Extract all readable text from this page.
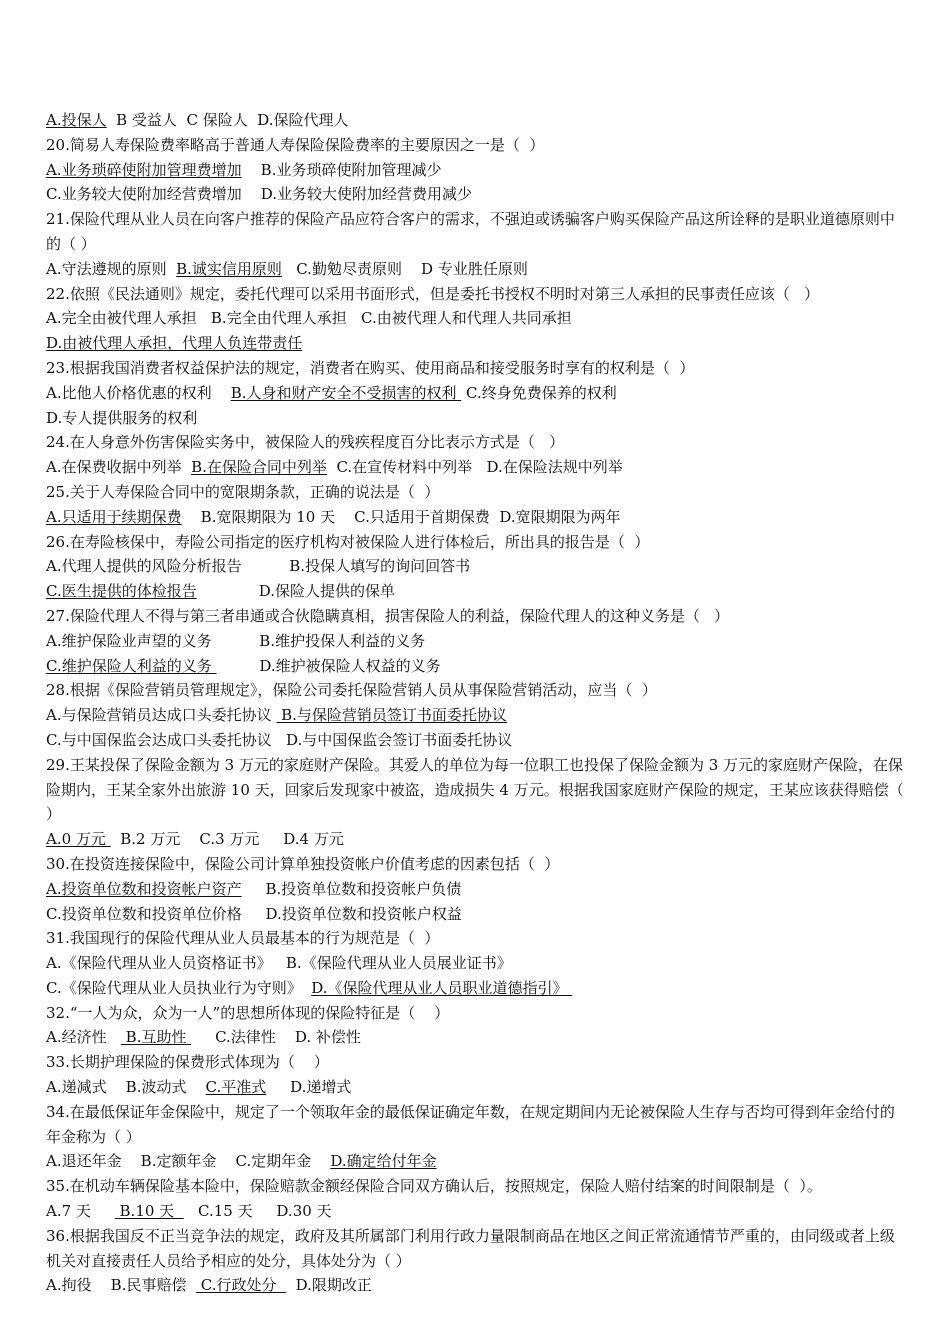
A.投保人  B 受益人  C 保险人  D.保险代理人
20.简易人寿保险费率略高于普通人寿保险保险费率的主要原因之一是（  ）
A.业务琐碎使附加管理费增加    B.业务琐碎使附加管理减少
C.业务较大使附加经营费增加    D.业务较大使附加经营费用减少
21.保险代理从业人员在向客户推荐的保险产品应符合客户的需求，不强迫或诱骗客户购买保险产品这所诠释的是职业道德原则中的（ ）
A.守法遵规的原则  B.诚实信用原则   C.勤勉尽责原则    D 专业胜任原则
22.依照《民法通则》规定，委托代理可以采用书面形式，但是委托书授权不明时对第三人承担的民事责任应该（   ）
A.完全由被代理人承担   B.完全由代理人承担   C.由被代理人和代理人共同承担
D.由被代理人承担，代理人负连带责任
23.根据我国消费者权益保护法的规定，消费者在购买、使用商品和接受服务时享有的权利是（  ）
A.比他人价格优惠的权利    B.人身和财产安全不受损害的权利  C.终身免费保养的权利
D.专人提供服务的权利
24.在人身意外伤害保险实务中，被保险人的残疾程度百分比表示方式是（   ）
A.在保费收据中列举  B.在保险合同中列举  C.在宣传材料中列举   D.在保险法规中列举
25.关于人寿保险合同中的宽限期条款，正确的说法是（  ）
A.只适用于续期保费    B.宽限期限为 10 天    C.只适用于首期保费  D.宽限期限为两年
26.在寿险核保中，寿险公司指定的医疗机构对被保险人进行体检后，所出具的报告是（  ）
A.代理人提供的风险分析报告          B.投保人填写的询问回答书
C.医生提供的体检报告             D.保险人提供的保单
27.保险代理人不得与第三者串通或合伙隐瞒真相，损害保险人的利益，保险代理人的这种义务是（   ）
A.维护保险业声望的义务          B.维护投保人利益的义务
C.维护保险人利益的义务          D.维护被保险人权益的义务
28.根据《保险营销员管理规定》，保险公司委托保险营销人员从事保险营销活动，应当（  ）
A.与保险营销员达成口头委托协议  B.与保险营销员签订书面委托协议
C.与中国保监会达成口头委托协议   D.与中国保监会签订书面委托协议
29.王某投保了保险金额为 3 万元的家庭财产保险。其爱人的单位为每一位职工也投保了保险金额为 3 万元的家庭财产保险，在保险期内，王某全家外出旅游 10 天，回家后发现家中被盗，造成损失 4 万元。根据我国家庭财产保险的规定，王某应该获得赔偿（ ）
A.0 万元   B.2 万元    C.3 万元     D.4 万元
30.在投资连接保险中，保险公司计算单独投资帐户价值考虑的因素包括（  ）
A.投资单位数和投资帐户资产     B.投资单位数和投资帐户负债
C.投资单位数和投资单位价格     D.投资单位数和投资帐户权益
31.我国现行的保险代理从业人员最基本的行为规范是（  ）
A.《保险代理从业人员资格证书》   B.《保险代理从业人员展业证书》
C.《保险代理从业人员执业行为守则》  D.《保险代理从业人员职业道德指引》
32.“一人为众，众为一人”的思想所体现的保险特征是（    ）
A.经济性    B.互助性      C.法律性    D. 补偿性
33.长期护理保险的保费形式体现为（    ）
A.递减式    B.波动式    C.平准式     D.递增式
34.在最低保证年金保险中，规定了一个领取年金的最低保证确定年数，在规定期间内无论被保险人生存与否均可得到年金给付的年金称为（ ）
A.退还年金    B.定额年金    C.定期年金    D.确定给付年金
35.在机动车辆保险基本险中，保险赔款金额经保险合同双方确认后，按照规定，保险人赔付结案的时间限制是（  ）。
A.7 天      B.10 天     C.15 天     D.30 天
36.根据我国反不正当竞争法的规定，政府及其所属部门利用行政力量限制商品在地区之间正常流通情节严重的，由同级或者上级机关对直接责任人员给予相应的处分，具体处分为（ ）
A.拘役    B.民事赔偿   C.行政处分    D.限期改正
